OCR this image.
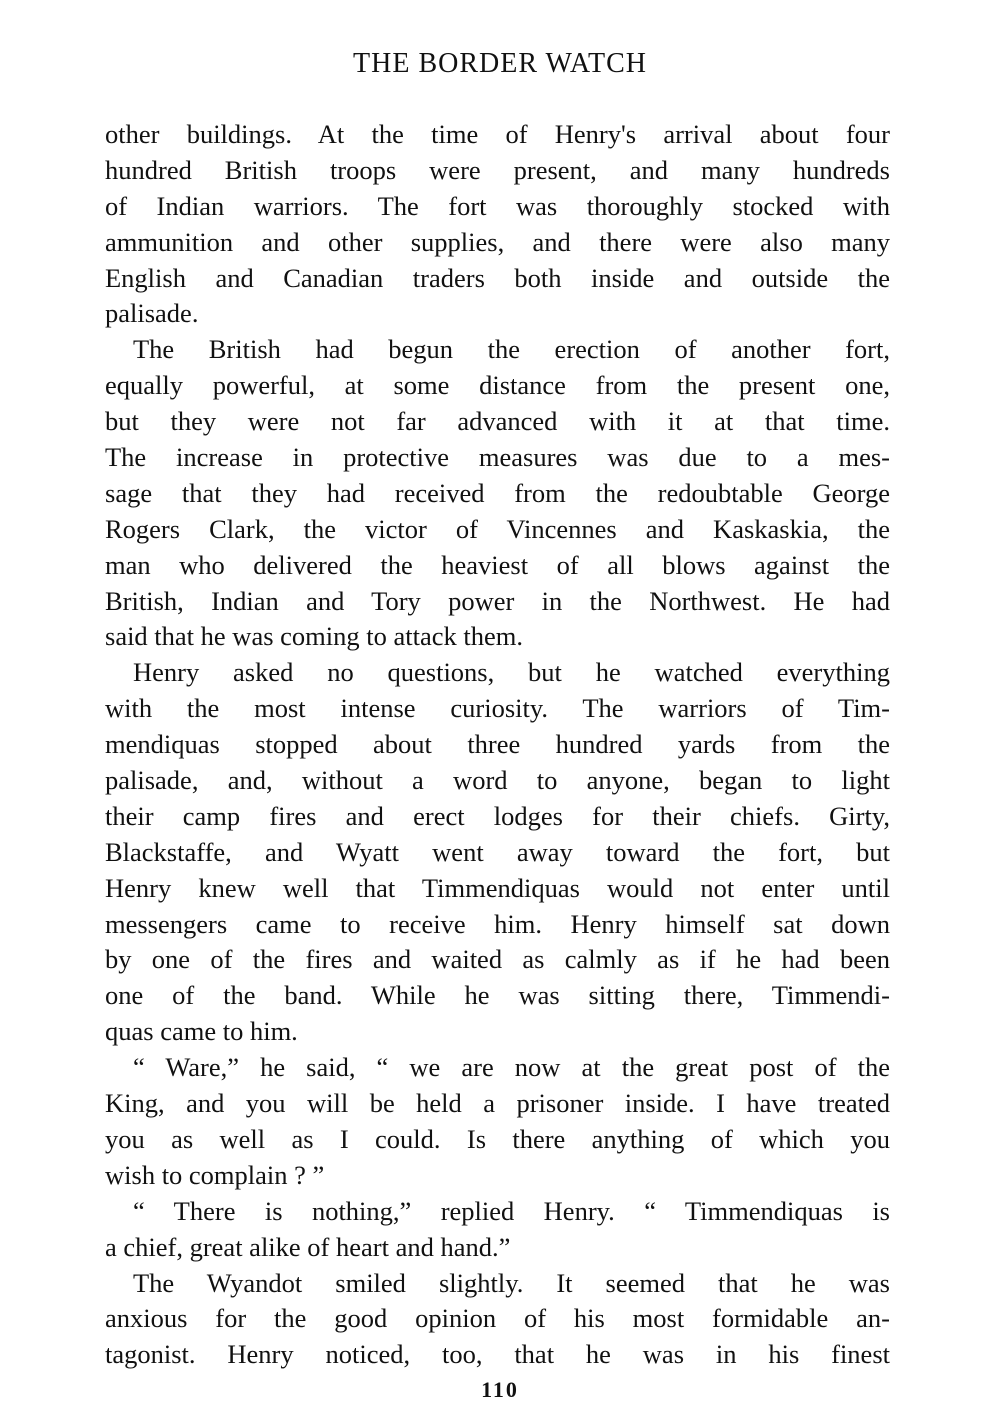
THE BORDER WATCH
other buildings. At the time of Henry's arrival about four
hundred British troops were present, and many hundreds
of Indian warriors. The fort was thoroughly stocked with
ammunition and other supplies, and there were also many
English and Canadian traders both inside and outside the
palisade.
The British had begun the erection of another fort,
equally powerful, at some distance from the present one,
but they were not far advanced with it at that time.
The increase in protective measures was due to a mes-
sage that they had received from the redoubtable George
Rogers Clark, the victor of Vincennes and Kaskaskia, the
man who delivered the heaviest of all blows against the
British, Indian and Tory power in the Northwest. He had
said that he was coming to attack them.
Henry asked no questions, but he watched everything
with the most intense curiosity. The warriors of Tim-
mendiquas stopped about three hundred yards from the
palisade, and, without a word to anyone, began to light
their camp fires and erect lodges for their chiefs. Girty,
Blackstaffe, and Wyatt went away toward the fort, but
Henry knew well that Timmendiquas would not enter until
messengers came to receive him. Henry himself sat down
by one of the fires and waited as calmly as if he had been
one of the band. While he was sitting there, Timmendi-
quas came to him.
“ Ware,” he said, “ we are now at the great post of the
King, and you will be held a prisoner inside. I have treated
you as well as I could. Is there anything of which you
wish to complain ? ”
“ There is nothing,” replied Henry. “ Timmendiquas is
a chief, great alike of heart and hand.”
The Wyandot smiled slightly. It seemed that he was
anxious for the good opinion of his most formidable an-
tagonist. Henry noticed, too, that he was in his finest
110
